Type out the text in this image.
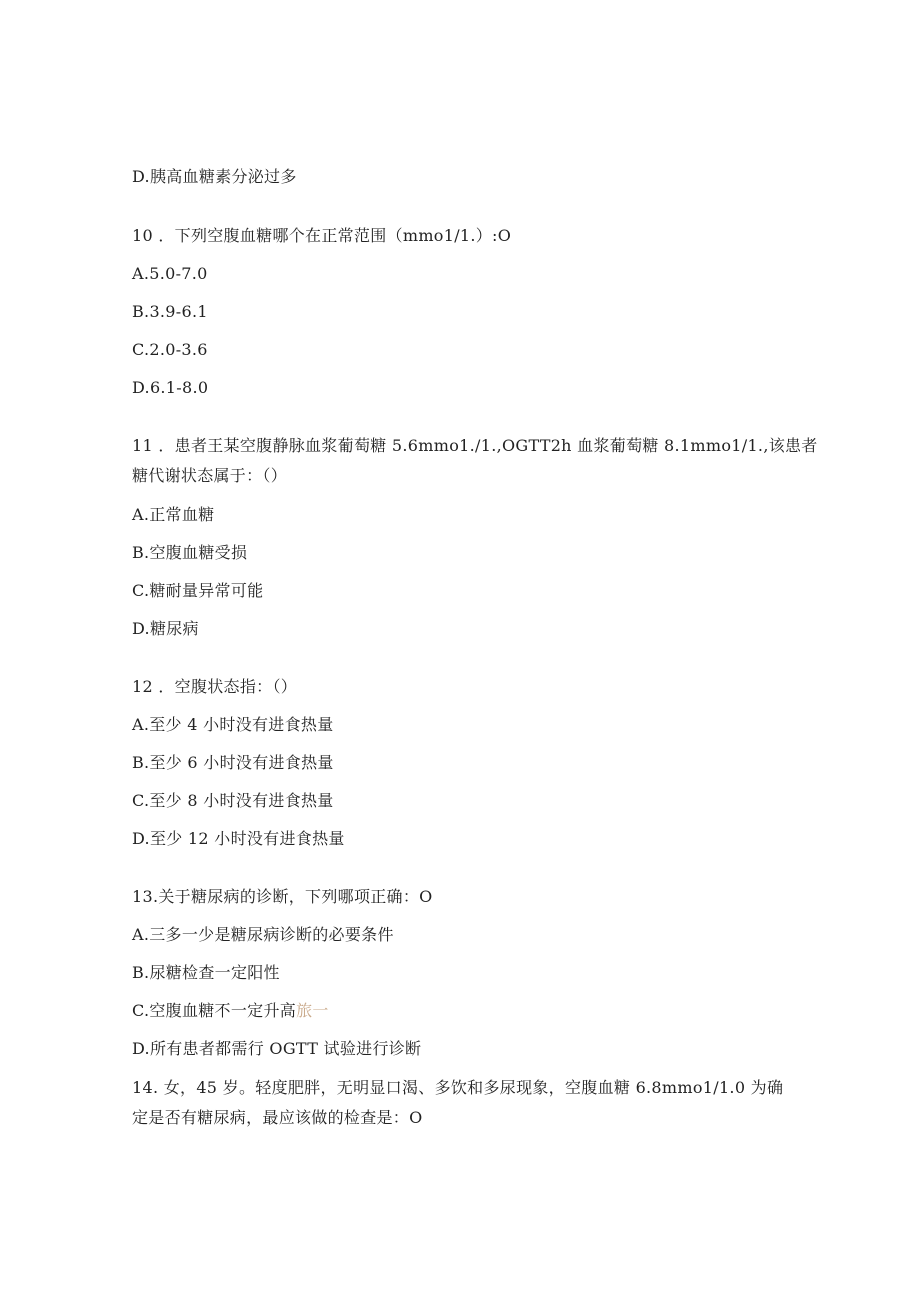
D.胰高血糖素分泌过多
10 ．下列空腹血糖哪个在正常范围（mmo1∕1.）:O
A.5.0-7.0
B.3.9-6.1
C.2.0-3.6
D.6.1-8.0
11 ．患者王某空腹静脉血浆葡萄糖 5.6mmo1./1.,OGTT2h 血浆葡萄糖 8.1mmo1∕1.,该患者
糖代谢状态属于：（）
A.正常血糖
B.空腹血糖受损
C.糖耐量异常可能
D.糖尿病
12 ．空腹状态指：（）
A.至少 4 小时没有进食热量
B.至少 6 小时没有进食热量
C.至少 8 小时没有进食热量
D.至少 12 小时没有进食热量
13.关于糖尿病的诊断，下列哪项正确：O
A.三多一少是糖尿病诊断的必要条件
B.尿糖检查一定阳性
C.空腹血糖不一定升高旅一
D.所有患者都需行 OGTT 试验进行诊断
14. 女，45 岁。轻度肥胖，无明显口渴、多饮和多尿现象，空腹血糖 6.8mmo1∕1.0 为确
定是否有糖尿病，最应该做的检查是：O
